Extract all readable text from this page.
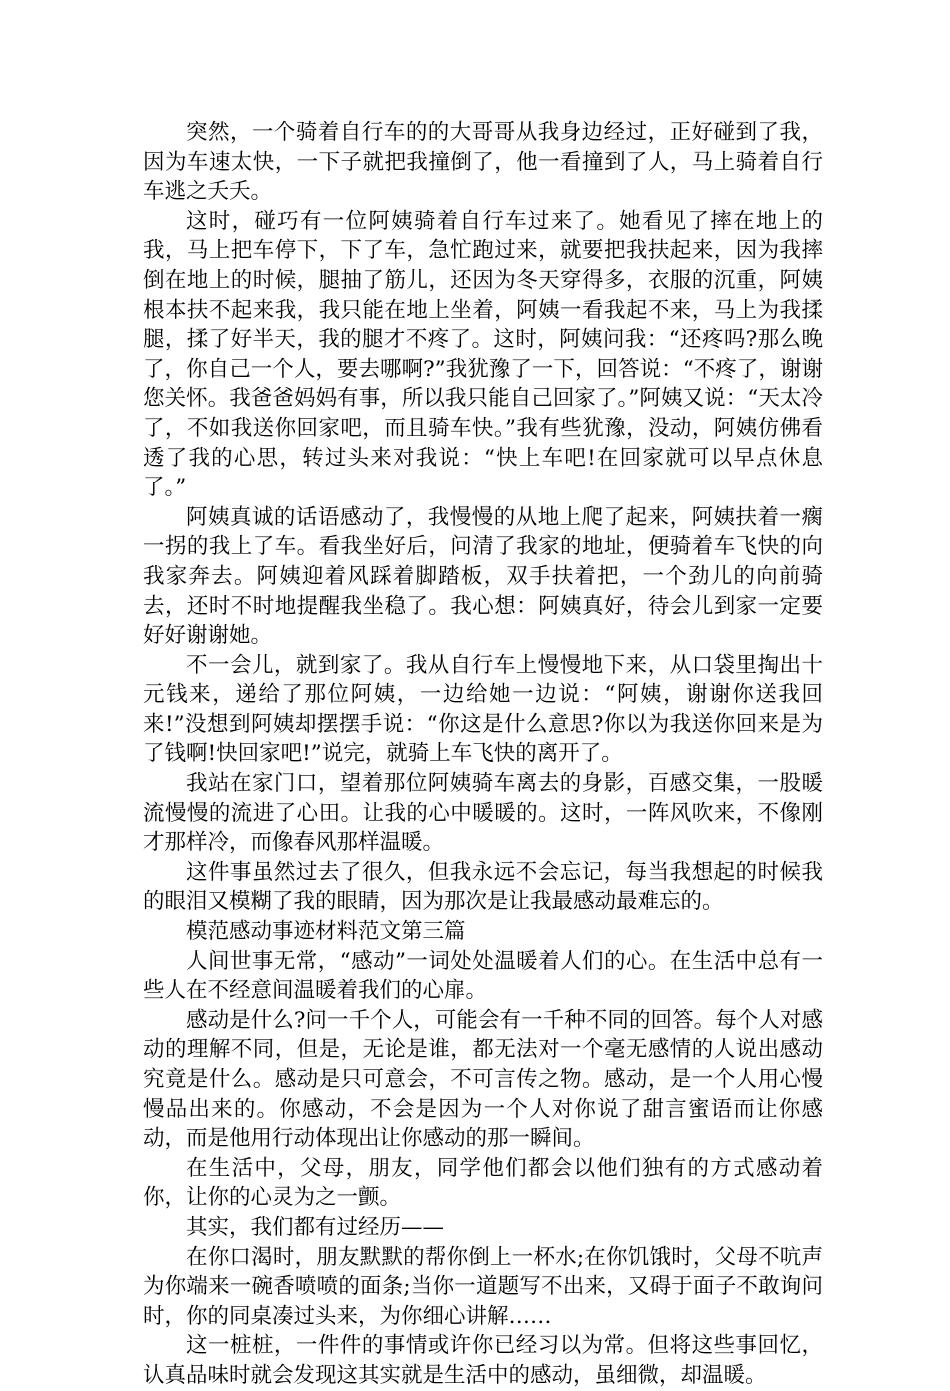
突然，一个骑着自行车的的大哥哥从我身边经过，正好碰到了我，因为车速太快，一下子就把我撞倒了，他一看撞到了人，马上骑着自行车逃之夭夭。

这时，碰巧有一位阿姨骑着自行车过来了。她看见了摔在地上的我，马上把车停下，下了车，急忙跑过来，就要把我扶起来，因为我摔倒在地上的时候，腿抽了筋儿，还因为冬天穿得多，衣服的沉重，阿姨根本扶不起来我，我只能在地上坐着，阿姨一看我起不来，马上为我揉腿，揉了好半天，我的腿才不疼了。这时，阿姨问我：“还疼吗?那么晚了，你自己一个人，要去哪啊?”我犹豫了一下，回答说：“不疼了，谢谢您关怀。我爸爸妈妈有事，所以我只能自己回家了。”阿姨又说：“天太冷了，不如我送你回家吧，而且骑车快。”我有些犹豫，没动，阿姨仿佛看透了我的心思，转过头来对我说：“快上车吧!在回家就可以早点休息了。”

阿姨真诚的话语感动了，我慢慢的从地上爬了起来，阿姨扶着一瘸一拐的我上了车。看我坐好后，问清了我家的地址，便骑着车飞快的向我家奔去。阿姨迎着风踩着脚踏板，双手扶着把，一个劲儿的向前骑去，还时不时地提醒我坐稳了。我心想：阿姨真好，待会儿到家一定要好好谢谢她。

不一会儿，就到家了。我从自行车上慢慢地下来，从口袋里掏出十元钱来，递给了那位阿姨，一边给她一边说：“阿姨，谢谢你送我回来!”没想到阿姨却摆摆手说：“你这是什么意思?你以为我送你回来是为了钱啊!快回家吧!”说完，就骑上车飞快的离开了。

我站在家门口，望着那位阿姨骑车离去的身影，百感交集，一股暖流慢慢的流进了心田。让我的心中暖暖的。这时，一阵风吹来，不像刚才那样冷，而像春风那样温暖。

这件事虽然过去了很久，但我永远不会忘记，每当我想起的时候我的眼泪又模糊了我的眼睛，因为那次是让我最感动最难忘的。

模范感动事迹材料范文第三篇

人间世事无常，“感动”一词处处温暖着人们的心。在生活中总有一些人在不经意间温暖着我们的心扉。

感动是什么?问一千个人，可能会有一千种不同的回答。每个人对感动的理解不同，但是，无论是谁，都无法对一个毫无感情的人说出感动究竟是什么。感动是只可意会，不可言传之物。感动，是一个人用心慢慢品出来的。你感动，不会是因为一个人对你说了甜言蜜语而让你感动，而是他用行动体现出让你感动的那一瞬间。

在生活中，父母，朋友，同学他们都会以他们独有的方式感动着你，让你的心灵为之一颤。

其实，我们都有过经历——

在你口渴时，朋友默默的帮你倒上一杯水;在你饥饿时，父母不吭声为你端来一碗香喷喷的面条;当你一道题写不出来，又碍于面子不敢询问时，你的同桌凑过头来，为你细心讲解……

这一桩桩，一件件的事情或许你已经习以为常。但将这些事回忆，认真品味时就会发现这其实就是生活中的感动，虽细微，却温暖。
